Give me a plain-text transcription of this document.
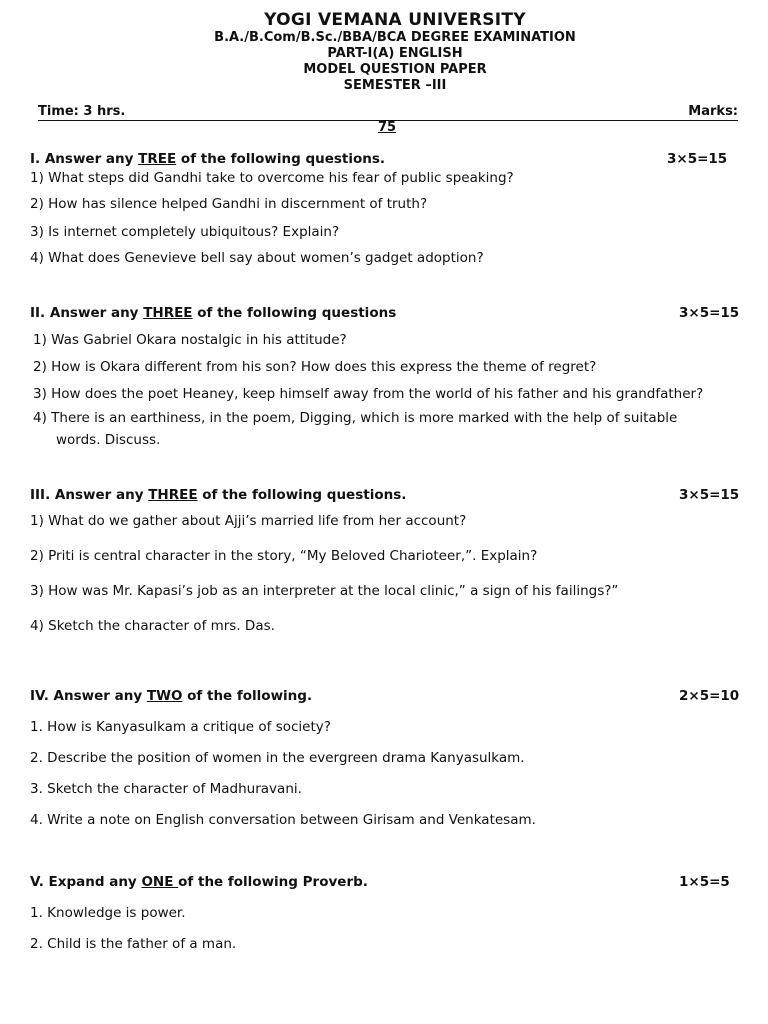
YOGI VEMANA UNIVERSITY
B.A./B.Com/B.Sc./BBA/BCA DEGREE EXAMINATION
PART-I(A) ENGLISH
MODEL QUESTION PAPER
SEMESTER –III
Time: 3 hrs.	Marks:
75
I. Answer any TREE of the following questions.	3×5=15
1) What steps did Gandhi take to overcome his fear of public speaking?
2) How has silence helped Gandhi in discernment of truth?
3) Is internet completely ubiquitous? Explain?
4) What does Genevieve bell say about women’s gadget adoption?
II. Answer any THREE of the following questions	3×5=15
1) Was Gabriel Okara nostalgic in his attitude?
2) How is Okara different from his son? How does this express the theme of regret?
3) How does the poet Heaney, keep himself away from the world of his father and his grandfather?
4) There is an earthiness, in the poem, Digging, which is more marked with the help of suitable
words. Discuss.
III. Answer any THREE of the following questions.	3×5=15
1) What do we gather about Ajji’s married life from her account?
2) Priti is central character in the story, “My Beloved Charioteer,”. Explain?
3) How was Mr. Kapasi’s job as an interpreter at the local clinic,” a sign of his failings?”
4) Sketch the character of mrs. Das.
IV. Answer any TWO of the following.	2×5=10
1. How is Kanyasulkam a critique of society?
2. Describe the position of women in the evergreen drama Kanyasulkam.
3. Sketch the character of Madhuravani.
4. Write a note on English conversation between Girisam and Venkatesam.
V. Expand any ONE of the following Proverb.	1×5=5
1. Knowledge is power.
2. Child is the father of a man.
